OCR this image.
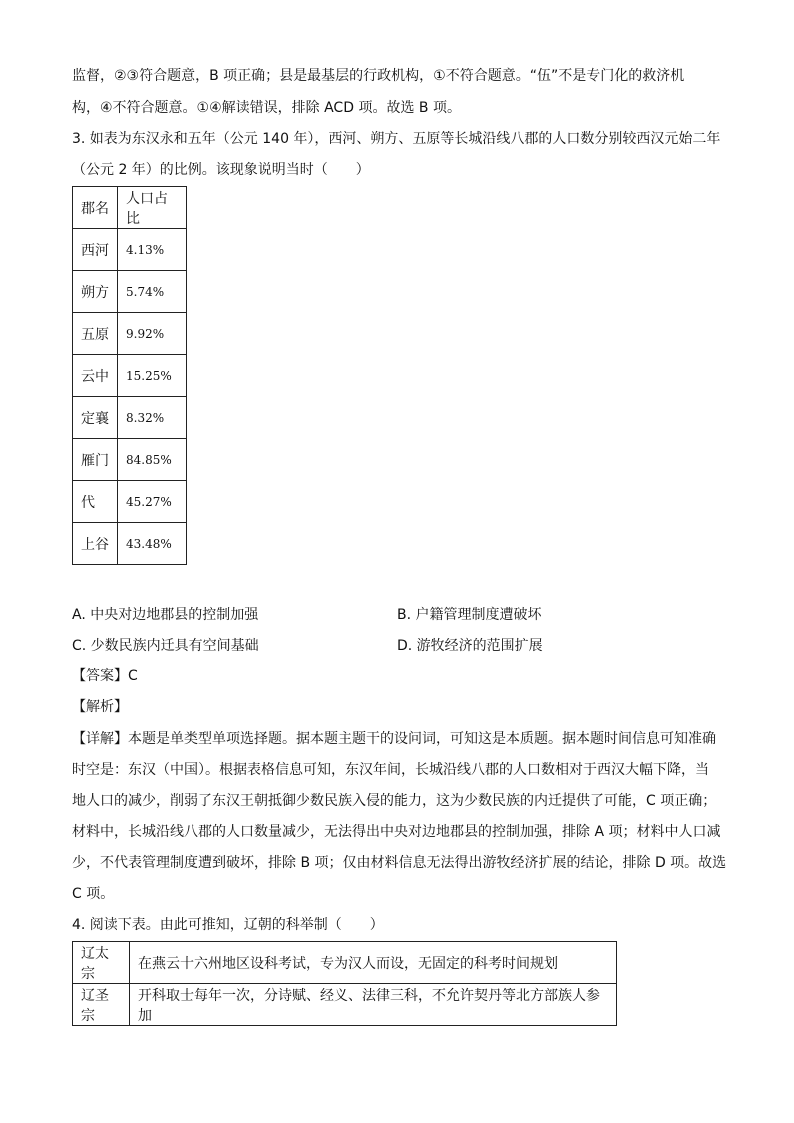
监督，②③符合题意，B 项正确；县是最基层的行政机构，①不符合题意。“伍”不是专门化的救济机
构，④不符合题意。①④解读错误，排除 ACD 项。故选 B 项。
3. 如表为东汉永和五年（公元 140 年），西河、朔方、五原等长城沿线八郡的人口数分别较西汉元始二年
（公元 2 年）的比例。该现象说明当时（　　）
郡名	人口占比
西河	4.13%
朔方	5.74%
五原	9.92%
云中	15.25%
定襄	8.32%
雁门	84.85%
代	45.27%
上谷	43.48%
A. 中央对边地郡县的控制加强	B. 户籍管理制度遭破坏
C. 少数民族内迁具有空间基础	D. 游牧经济的范围扩展
【答案】C
【解析】
【详解】本题是单类型单项选择题。据本题主题干的设问词，可知这是本质题。据本题时间信息可知准确
时空是：东汉（中国）。根据表格信息可知，东汉年间，长城沿线八郡的人口数相对于西汉大幅下降，当
地人口的减少，削弱了东汉王朝抵御少数民族入侵的能力，这为少数民族的内迁提供了可能，C 项正确；
材料中，长城沿线八郡的人口数量减少，无法得出中央对边地郡县的控制加强，排除 A 项；材料中人口减
少，不代表管理制度遭到破坏，排除 B 项；仅由材料信息无法得出游牧经济扩展的结论，排除 D 项。故选
C 项。
4. 阅读下表。由此可推知，辽朝的科举制（　　）
辽太宗	在燕云十六州地区设科考试，专为汉人而设，无固定的科考时间规划
辽圣宗	开科取士每年一次，分诗赋、经义、法律三科，不允许契丹等北方部族人参加
